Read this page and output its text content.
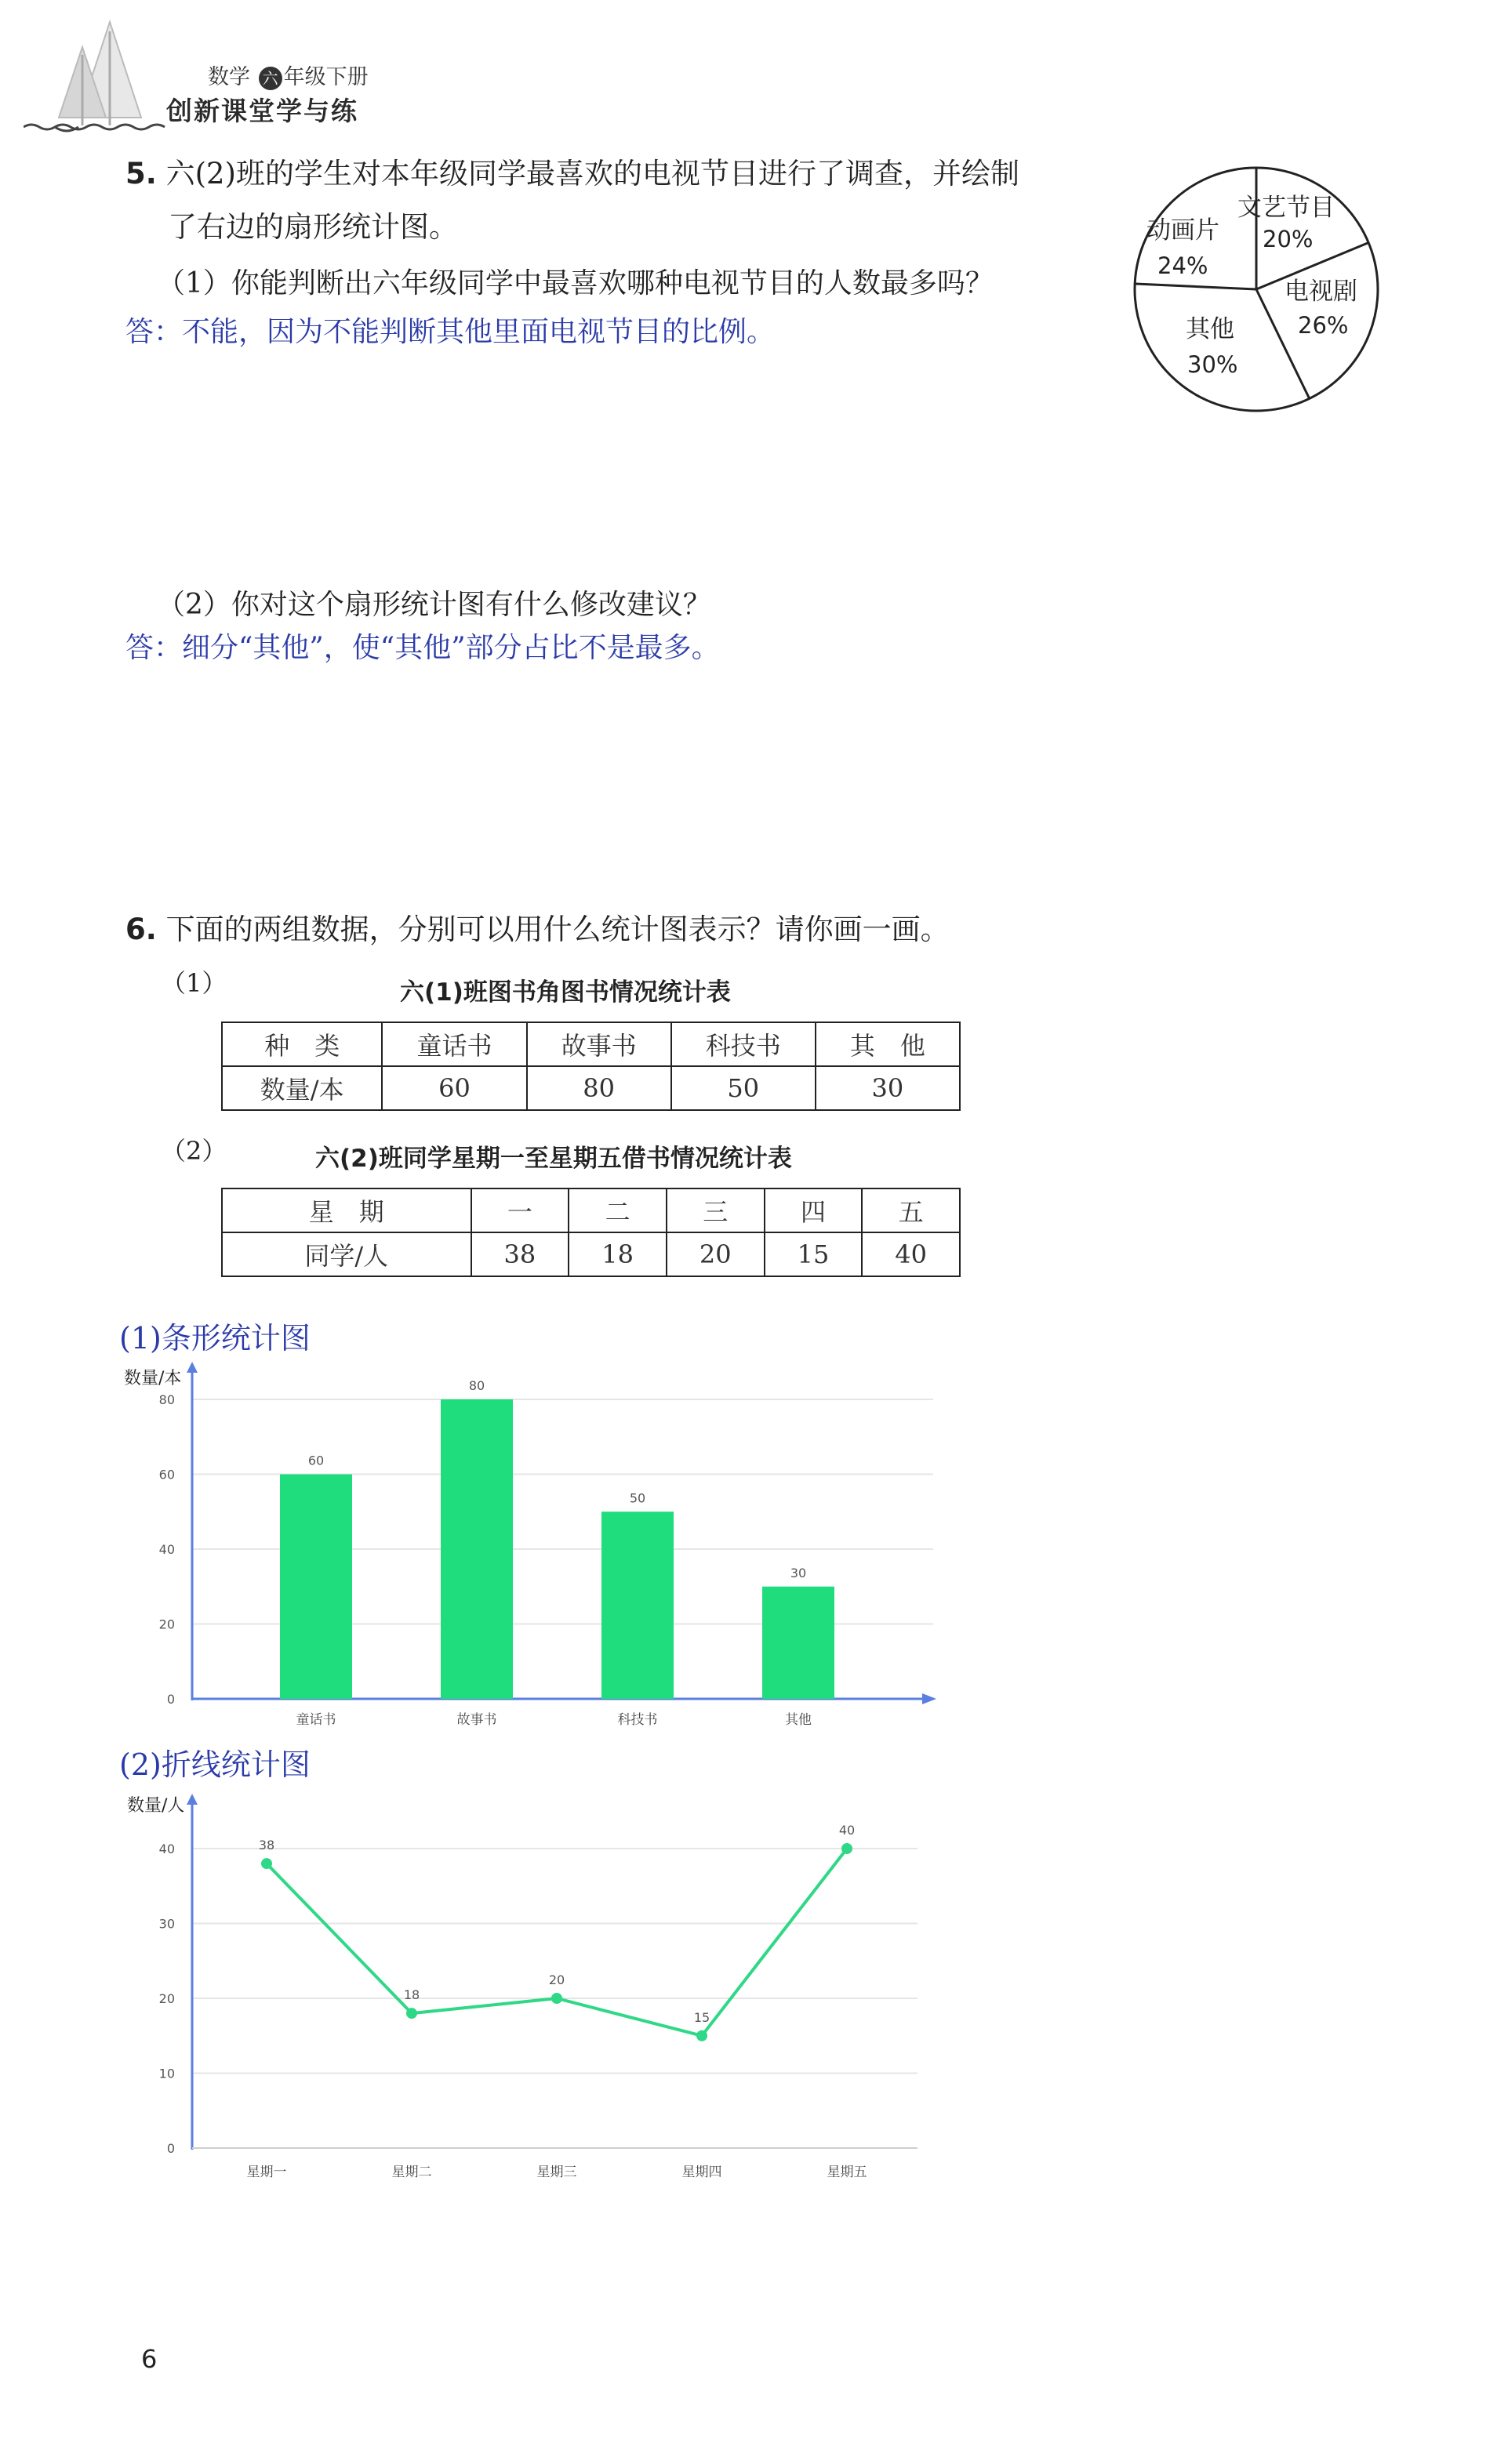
数学 六 年级下册
创新课堂学与练
5. 六(2)班的学生对本年级同学最喜欢的电视节目进行了调查，并绘制
了右边的扇形统计图。
（1）你能判断出六年级同学中最喜欢哪种电视节目的人数最多吗？
答：不能，因为不能判断其他里面电视节目的比例。
文艺节目
20%
电视剧
26%
其他
30%
动画片
24%
（2）你对这个扇形统计图有什么修改建议？
答：细分“其他”，使“其他”部分占比不是最多。
6. 下面的两组数据，分别可以用什么统计图表示？请你画一画。
（1）	六(1)班图书角图书情况统计表
种　类	童话书	故事书	科技书	其　他
数量/本	60	80	50	30
（2）	六(2)班同学星期一至星期五借书情况统计表
星　期	一	二	三	四	五
同学/人	38	18	20	15	40
(1)条形统计图
数量/本
0
20
40
60
80
60
童话书
80
故事书
50
科技书
30
其他
(2)折线统计图
数量/人
0
10
20
30
40	38
星期一
18
星期二
20
星期三
15
星期四
40
星期五
6
